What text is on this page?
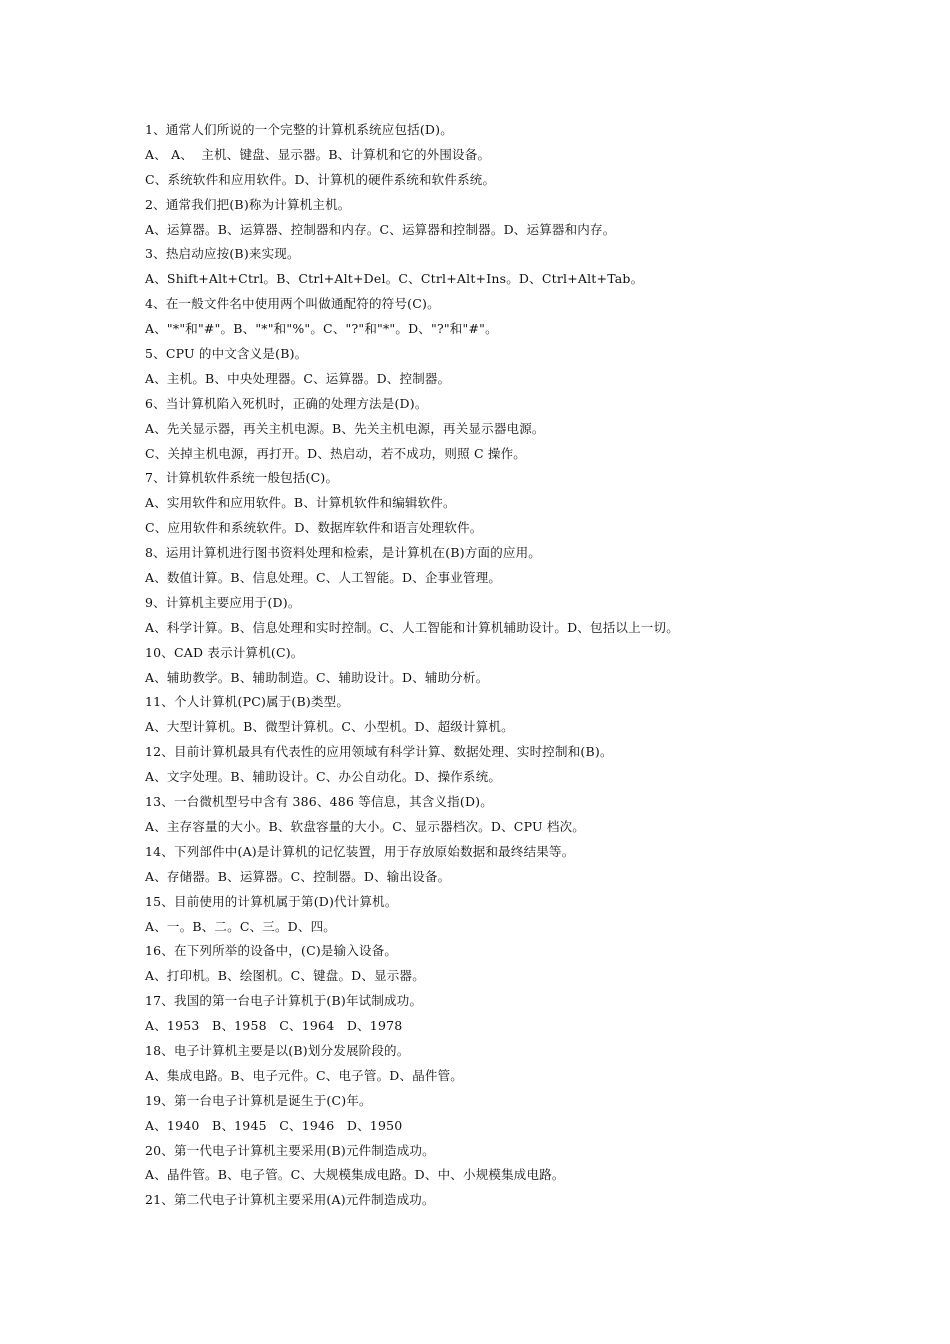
1、通常人们所说的一个完整的计算机系统应包括(D)。
A、 A、  主机、键盘、显示器。B、计算机和它的外围设备。
C、系统软件和应用软件。D、计算机的硬件系统和软件系统。
2、通常我们把(B)称为计算机主机。
A、运算器。B、运算器、控制器和内存。C、运算器和控制器。D、运算器和内存。
3、热启动应按(B)来实现。
A、Shift+Alt+Ctrl。B、Ctrl+Alt+Del。C、Ctrl+Alt+Ins。D、Ctrl+Alt+Tab。
4、在一般文件名中使用两个叫做通配符的符号(C)。
A、"*"和"#"。B、"*"和"%"。C、"?"和"*"。D、"?"和"#"。
5、CPU 的中文含义是(B)。
A、主机。B、中央处理器。C、运算器。D、控制器。
6、当计算机陷入死机时，正确的处理方法是(D)。
A、先关显示器，再关主机电源。B、先关主机电源，再关显示器电源。
C、关掉主机电源，再打开。D、热启动，若不成功，则照 C 操作。
7、计算机软件系统一般包括(C)。
A、实用软件和应用软件。B、计算机软件和编辑软件。
C、应用软件和系统软件。D、数据库软件和语言处理软件。
8、运用计算机进行图书资料处理和检索，是计算机在(B)方面的应用。
A、数值计算。B、信息处理。C、人工智能。D、企事业管理。
9、计算机主要应用于(D)。
A、科学计算。B、信息处理和实时控制。C、人工智能和计算机辅助设计。D、包括以上一切。
10、CAD 表示计算机(C)。
A、辅助教学。B、辅助制造。C、辅助设计。D、辅助分析。
11、个人计算机(PC)属于(B)类型。
A、大型计算机。B、微型计算机。C、小型机。D、超级计算机。
12、目前计算机最具有代表性的应用领域有科学计算、数据处理、实时控制和(B)。
A、文字处理。B、辅助设计。C、办公自动化。D、操作系统。
13、一台微机型号中含有 386、486 等信息，其含义指(D)。
A、主存容量的大小。B、软盘容量的大小。C、显示器档次。D、CPU 档次。
14、下列部件中(A)是计算机的记忆装置，用于存放原始数据和最终结果等。
A、存储器。B、运算器。C、控制器。D、输出设备。
15、目前使用的计算机属于第(D)代计算机。
A、一。B、二。C、三。D、四。
16、在下列所举的设备中，(C)是输入设备。
A、打印机。B、绘图机。C、键盘。D、显示器。
17、我国的第一台电子计算机于(B)年试制成功。
A、1953   B、1958   C、1964   D、1978
18、电子计算机主要是以(B)划分发展阶段的。
A、集成电路。B、电子元件。C、电子管。D、晶件管。
19、第一台电子计算机是诞生于(C)年。
A、1940   B、1945   C、1946   D、1950
20、第一代电子计算机主要采用(B)元件制造成功。
A、晶件管。B、电子管。C、大规模集成电路。D、中、小规模集成电路。
21、第二代电子计算机主要采用(A)元件制造成功。
